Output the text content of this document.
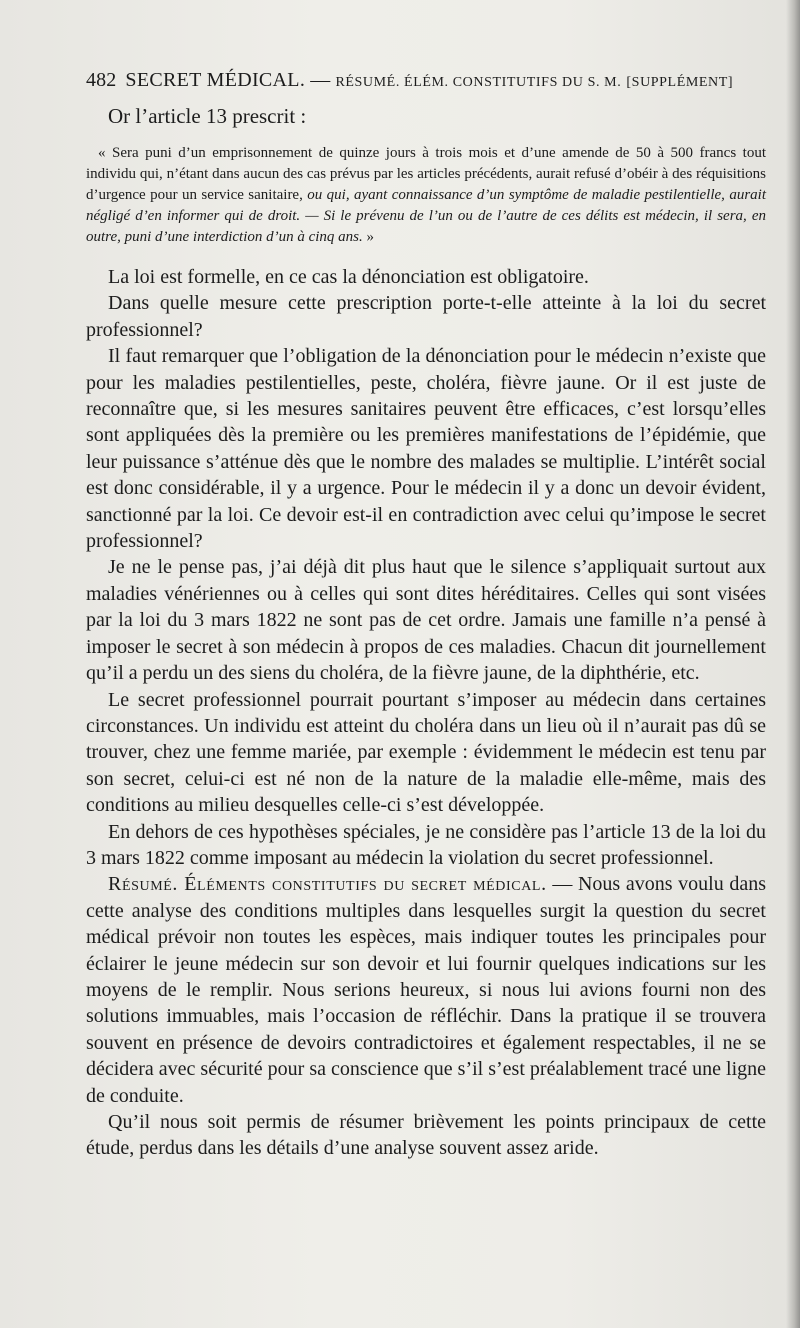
482 SECRET MÉDICAL. — RÉSUMÉ. ÉLÉM. CONSTITUTIFS DU S. M. [SUPPLÉMENT]
Or l’article 13 prescrit :
« Sera puni d’un emprisonnement de quinze jours à trois mois et d’une amende de 50 à 500 francs tout individu qui, n’étant dans aucun des cas prévus par les articles précédents, aurait refusé d’obéir à des réquisitions d’urgence pour un service sanitaire, ou qui, ayant connaissance d’un symptôme de maladie pestilentielle, aurait négligé d’en informer qui de droit. — Si le prévenu de l’un ou de l’autre de ces délits est médecin, il sera, en outre, puni d’une interdiction d’un à cinq ans. »

La loi est formelle, en ce cas la dénonciation est obligatoire.

Dans quelle mesure cette prescription porte-t-elle atteinte à la loi du secret professionnel?

Il faut remarquer que l’obligation de la dénonciation pour le médecin n’existe que pour les maladies pestilentielles, peste, choléra, fièvre jaune. Or il est juste de reconnaître que, si les mesures sanitaires peuvent être efficaces, c’est lorsqu’elles sont appliquées dès la première ou les premières manifestations de l’épidémie, que leur puissance s’atténue dès que le nombre des malades se multiplie. L’intérêt social est donc considérable, il y a urgence. Pour le médecin il y a donc un devoir évident, sanctionné par la loi. Ce devoir est-il en contradiction avec celui qu’impose le secret professionnel?

Je ne le pense pas, j’ai déjà dit plus haut que le silence s’appliquait surtout aux maladies vénériennes ou à celles qui sont dites héréditaires. Celles qui sont visées par la loi du 3 mars 1822 ne sont pas de cet ordre. Jamais une famille n’a pensé à imposer le secret à son médecin à propos de ces maladies. Chacun dit journellement qu’il a perdu un des siens du choléra, de la fièvre jaune, de la diphthérie, etc.

Le secret professionnel pourrait pourtant s’imposer au médecin dans certaines circonstances. Un individu est atteint du choléra dans un lieu où il n’aurait pas dû se trouver, chez une femme mariée, par exemple : évidemment le médecin est tenu par son secret, celui-ci est né non de la nature de la maladie elle-même, mais des conditions au milieu desquelles celle-ci s’est développée.

En dehors de ces hypothèses spéciales, je ne considère pas l’article 13 de la loi du 3 mars 1822 comme imposant au médecin la violation du secret professionnel.

Résumé. Éléments constitutifs du secret médical. — Nous avons voulu dans cette analyse des conditions multiples dans lesquelles surgit la question du secret médical prévoir non toutes les espèces, mais indiquer toutes les principales pour éclairer le jeune médecin sur son devoir et lui fournir quelques indications sur les moyens de le remplir. Nous serions heureux, si nous lui avions fourni non des solutions immuables, mais l’occasion de réfléchir. Dans la pratique il se trouvera souvent en présence de devoirs contradictoires et également respectables, il ne se décidera avec sécurité pour sa conscience que s’il s’est préalablement tracé une ligne de conduite.

Qu’il nous soit permis de résumer brièvement les points principaux de cette étude, perdus dans les détails d’une analyse souvent assez aride.
